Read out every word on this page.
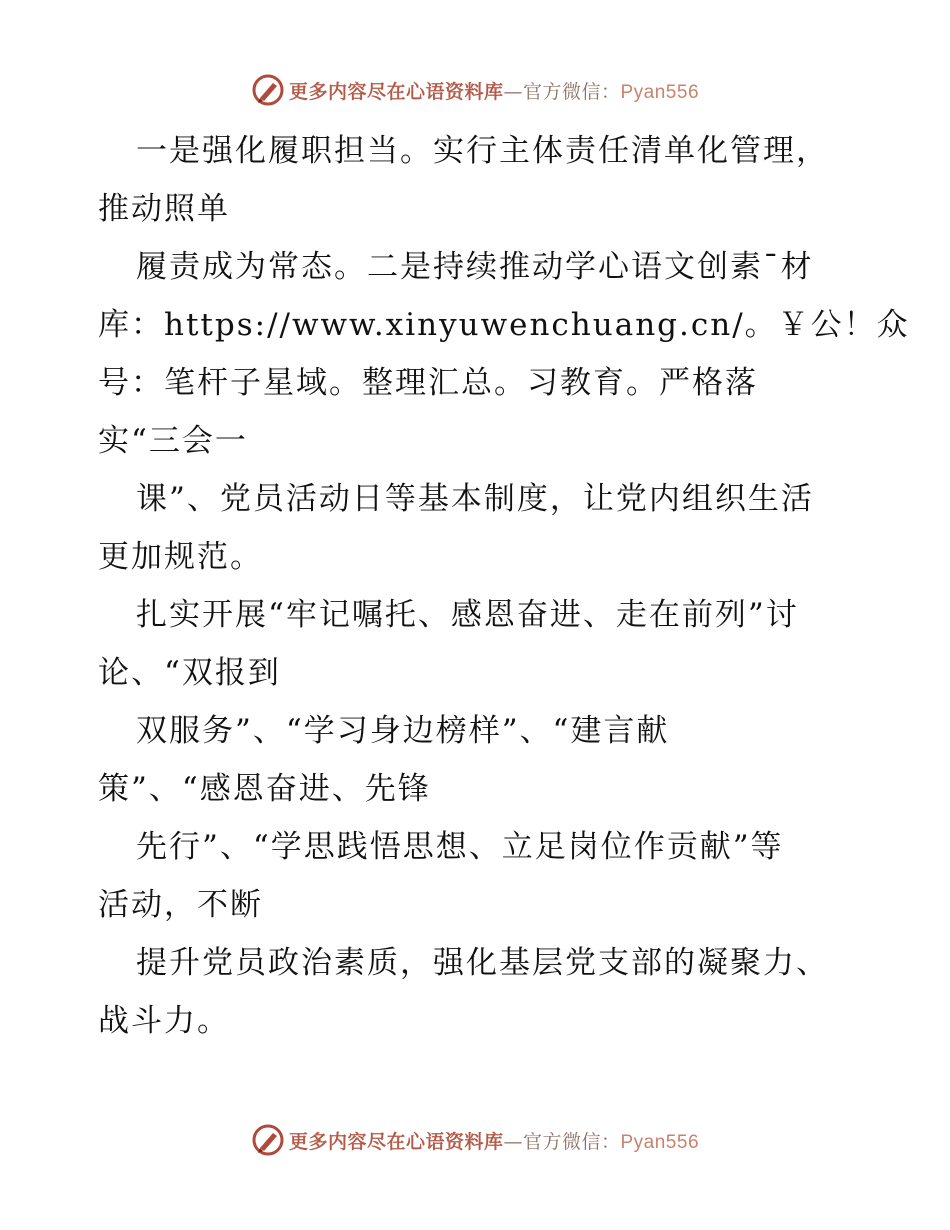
更多内容尽在心语资料库—官方微信：Pyan556
一是强化履职担当。实行主体责任清单化管理，
推动照单
履责成为常态。二是持续推动学心语文创素¯材
库：https://www.xinyuwenchuang.cn/。￥公！众
号：笔杆子星域。整理汇总。习教育。严格落
实“三会一
课”、党员活动日等基本制度，让党内组织生活
更加规范。
扎实开展“牢记嘱托、感恩奋进、走在前列”讨
论、“双报到
双服务”、“学习身边榜样”、“建言献
策”、“感恩奋进、先锋
先行”、“学思践悟思想、立足岗位作贡献”等
活动，不断
提升党员政治素质，强化基层党支部的凝聚力、
战斗力。
更多内容尽在心语资料库—官方微信：Pyan556
